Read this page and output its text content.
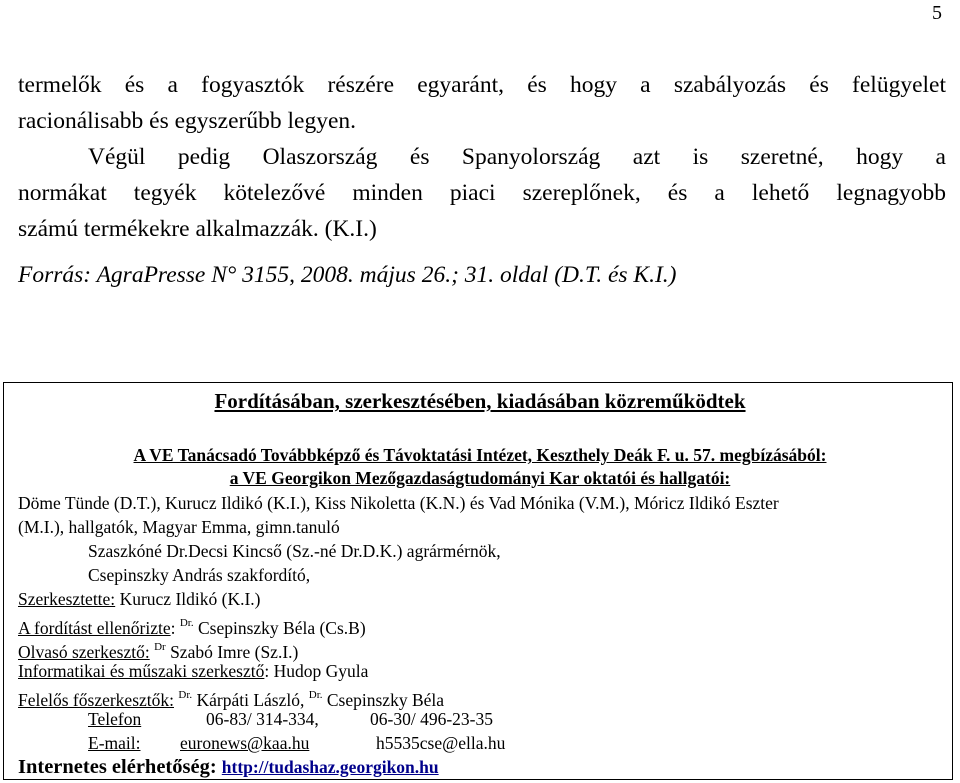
5
termelők és a fogyasztók részére egyaránt, és hogy a szabályozás és felügyelet
racionálisabb és egyszerűbb legyen.
Végül pedig Olaszország és Spanyolország azt is szeretné, hogy a
normákat tegyék kötelezővé minden piaci szereplőnek, és a lehető legnagyobb
számú termékekre alkalmazzák. (K.I.)
Forrás: AgraPresse N° 3155, 2008. május 26.; 31. oldal (D.T. és K.I.)
Fordításában, szerkesztésében, kiadásában közreműködtek
A VE Tanácsadó Továbbképző és Távoktatási Intézet, Keszthely Deák F. u. 57. megbízásából:
a VE Georgikon Mezőgazdaságtudományi Kar oktatói és hallgatói:
Döme Tünde (D.T.), Kurucz Ildikó (K.I.), Kiss Nikoletta (K.N.) és Vad Mónika (V.M.), Móricz Ildikó Eszter
(M.I.), hallgatók, Magyar Emma, gimn.tanuló
Szaszkóné Dr.Decsi Kincső (Sz.-né Dr.D.K.) agrármérnök,
Csepinszky András szakfordító,
Szerkesztette: Kurucz Ildikó (K.I.)
A fordítást ellenőrizte: $^{Dr.}$ Csepinszky Béla (Cs.B)
Olvasó szerkesztő: $^{Dr}$ Szabó Imre (Sz.I.)
Informatikai és műszaki szerkesztő: Hudop Gyula
Felelős főszerkesztők: $^{Dr.}$ Kárpáti László, $^{Dr.}$ Csepinszky Béla
Telefon	06-83/ 314-334,	06-30/ 496-23-35
E-mail: euronews@kaa.hu	h5535cse@ella.hu
Internetes elérhetőség: http://tudashaz.georgikon.hu
